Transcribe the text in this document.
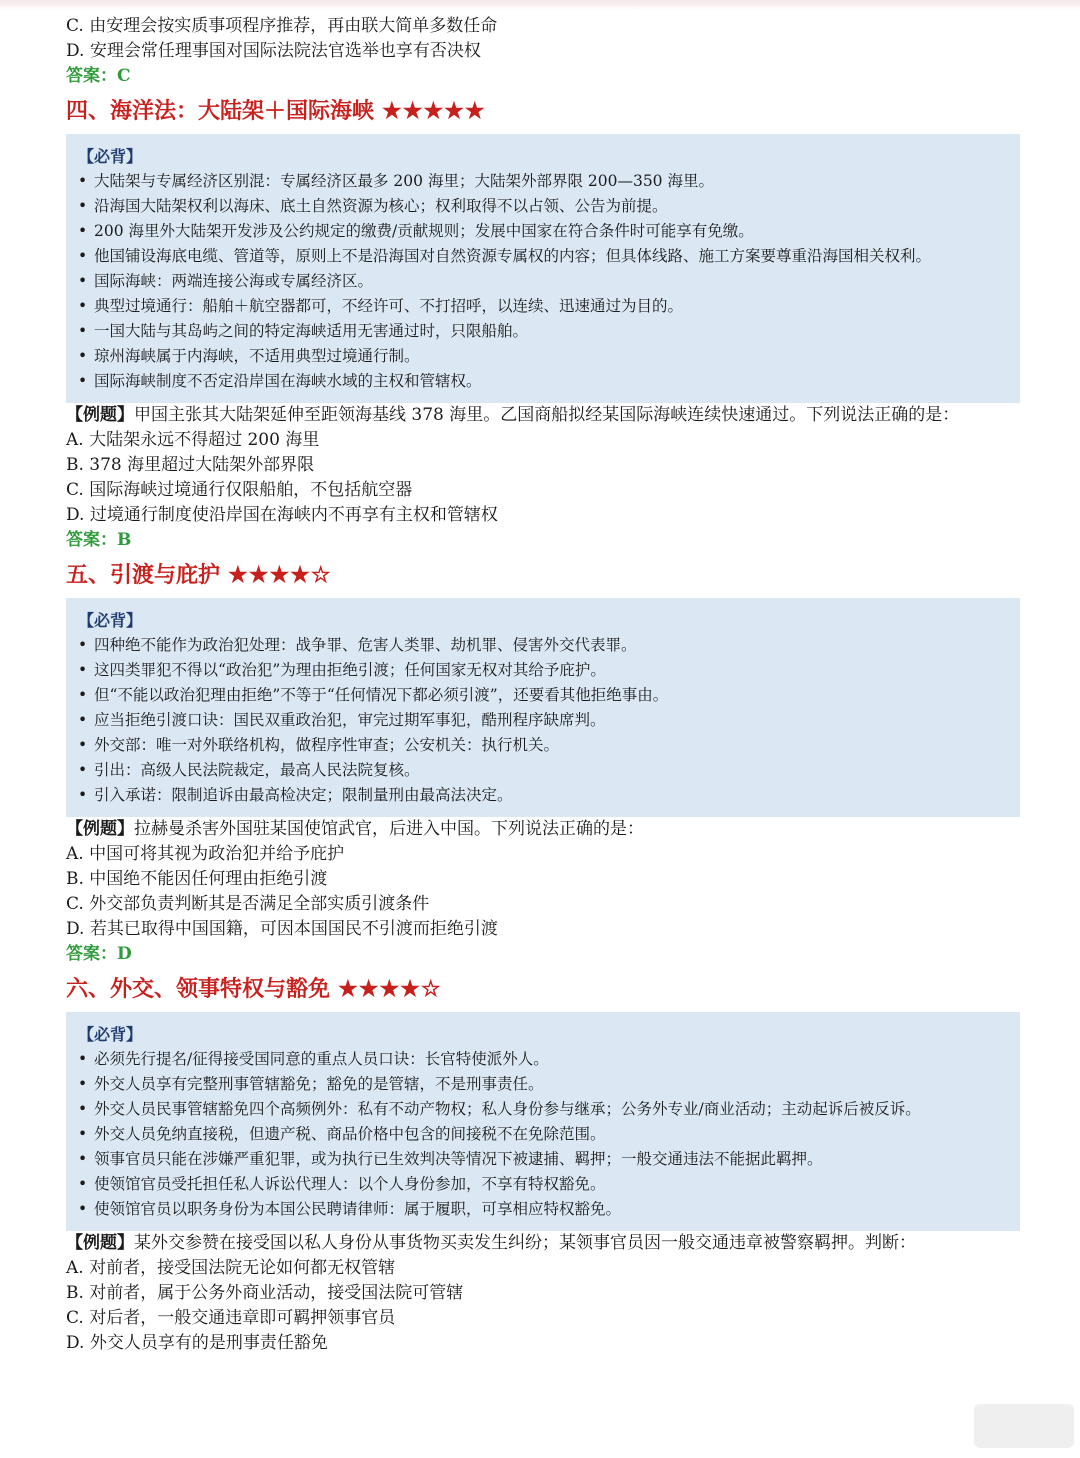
C. 由安理会按实质事项程序推荐，再由联大简单多数任命
D. 安理会常任理事国对国际法院法官选举也享有否决权
答案：C
四、海洋法：大陆架＋国际海峡 ★★★★★
【必背】
• 大陆架与专属经济区别混：专属经济区最多 200 海里；大陆架外部界限 200—350 海里。
• 沿海国大陆架权利以海床、底土自然资源为核心；权利取得不以占领、公告为前提。
• 200 海里外大陆架开发涉及公约规定的缴费/贡献规则；发展中国家在符合条件时可能享有免缴。
• 他国铺设海底电缆、管道等，原则上不是沿海国对自然资源专属权的内容；但具体线路、施工方案要尊重沿海国相关权利。
• 国际海峡：两端连接公海或专属经济区。
• 典型过境通行：船舶＋航空器都可，不经许可、不打招呼，以连续、迅速通过为目的。
• 一国大陆与其岛屿之间的特定海峡适用无害通过时，只限船舶。
• 琼州海峡属于内海峡，不适用典型过境通行制。
• 国际海峡制度不否定沿岸国在海峡水域的主权和管辖权。
【例题】甲国主张其大陆架延伸至距领海基线 378 海里。乙国商船拟经某国际海峡连续快速通过。下列说法正确的是：
A. 大陆架永远不得超过 200 海里
B. 378 海里超过大陆架外部界限
C. 国际海峡过境通行仅限船舶，不包括航空器
D. 过境通行制度使沿岸国在海峡内不再享有主权和管辖权
答案：B
五、引渡与庇护 ★★★★☆
【必背】
• 四种绝不能作为政治犯处理：战争罪、危害人类罪、劫机罪、侵害外交代表罪。
• 这四类罪犯不得以“政治犯”为理由拒绝引渡；任何国家无权对其给予庇护。
• 但“不能以政治犯理由拒绝”不等于“任何情况下都必须引渡”，还要看其他拒绝事由。
• 应当拒绝引渡口诀：国民双重政治犯，审完过期军事犯，酷刑程序缺席判。
• 外交部：唯一对外联络机构，做程序性审查；公安机关：执行机关。
• 引出：高级人民法院裁定，最高人民法院复核。
• 引入承诺：限制追诉由最高检决定；限制量刑由最高法决定。
【例题】拉赫曼杀害外国驻某国使馆武官，后进入中国。下列说法正确的是：
A. 中国可将其视为政治犯并给予庇护
B. 中国绝不能因任何理由拒绝引渡
C. 外交部负责判断其是否满足全部实质引渡条件
D. 若其已取得中国国籍，可因本国国民不引渡而拒绝引渡
答案：D
六、外交、领事特权与豁免 ★★★★☆
【必背】
• 必须先行提名/征得接受国同意的重点人员口诀：长官特使派外人。
• 外交人员享有完整刑事管辖豁免；豁免的是管辖，不是刑事责任。
• 外交人员民事管辖豁免四个高频例外：私有不动产物权；私人身份参与继承；公务外专业/商业活动；主动起诉后被反诉。
• 外交人员免纳直接税，但遗产税、商品价格中包含的间接税不在免除范围。
• 领事官员只能在涉嫌严重犯罪，或为执行已生效判决等情况下被逮捕、羁押；一般交通违法不能据此羁押。
• 使领馆官员受托担任私人诉讼代理人：以个人身份参加，不享有特权豁免。
• 使领馆官员以职务身份为本国公民聘请律师：属于履职，可享相应特权豁免。
【例题】某外交参赞在接受国以私人身份从事货物买卖发生纠纷；某领事官员因一般交通违章被警察羁押。判断：
A. 对前者，接受国法院无论如何都无权管辖
B. 对前者，属于公务外商业活动，接受国法院可管辖
C. 对后者，一般交通违章即可羁押领事官员
D. 外交人员享有的是刑事责任豁免
